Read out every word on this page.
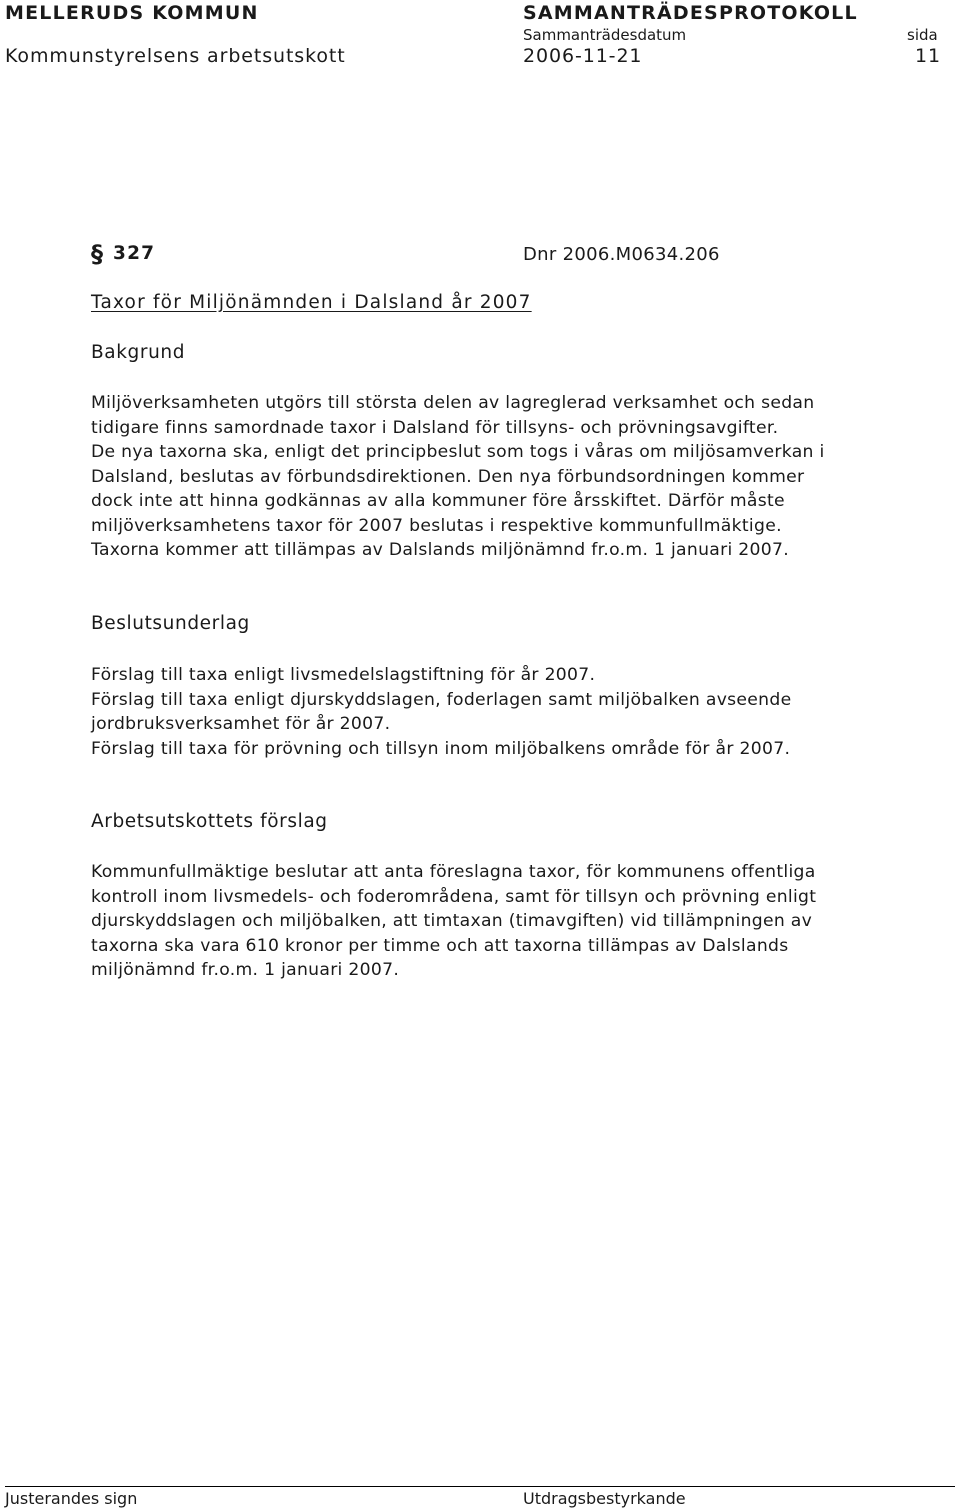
MELLERUDS KOMMUN	SAMMANTRÄDESPROTOKOLL
Sammanträdesdatum	sida
Kommunstyrelsens arbetsutskott	2006-11-21	11
§ 327	Dnr 2006.M0634.206
Taxor för Miljönämnden i Dalsland år 2007
Bakgrund

Miljöverksamheten utgörs till största delen av lagreglerad verksamhet och sedan

tidigare finns samordnade taxor i Dalsland för tillsyns- och prövningsavgifter.

De nya taxorna ska, enligt det principbeslut som togs i våras om miljösamverkan i

Dalsland, beslutas av förbundsdirektionen. Den nya förbundsordningen kommer

dock inte att hinna godkännas av alla kommuner före årsskiftet. Därför måste

miljöverksamhetens taxor för 2007 beslutas i respektive kommunfullmäktige.

Taxorna kommer att tillämpas av Dalslands miljönämnd fr.o.m. 1 januari 2007.

Beslutsunderlag

Förslag till taxa enligt livsmedelslagstiftning för år 2007.

Förslag till taxa enligt djurskyddslagen, foderlagen samt miljöbalken avseende

jordbruksverksamhet för år 2007.

Förslag till taxa för prövning och tillsyn inom miljöbalkens område för år 2007.

Arbetsutskottets förslag

Kommunfullmäktige beslutar att anta föreslagna taxor, för kommunens offentliga

kontroll inom livsmedels- och foderområdena, samt för tillsyn och prövning enligt

djurskyddslagen och miljöbalken, att timtaxan (timavgiften) vid tillämpningen av

taxorna ska vara 610 kronor per timme och att taxorna tillämpas av Dalslands

miljönämnd fr.o.m. 1 januari 2007.

Justerandes sign	Utdragsbestyrkande
